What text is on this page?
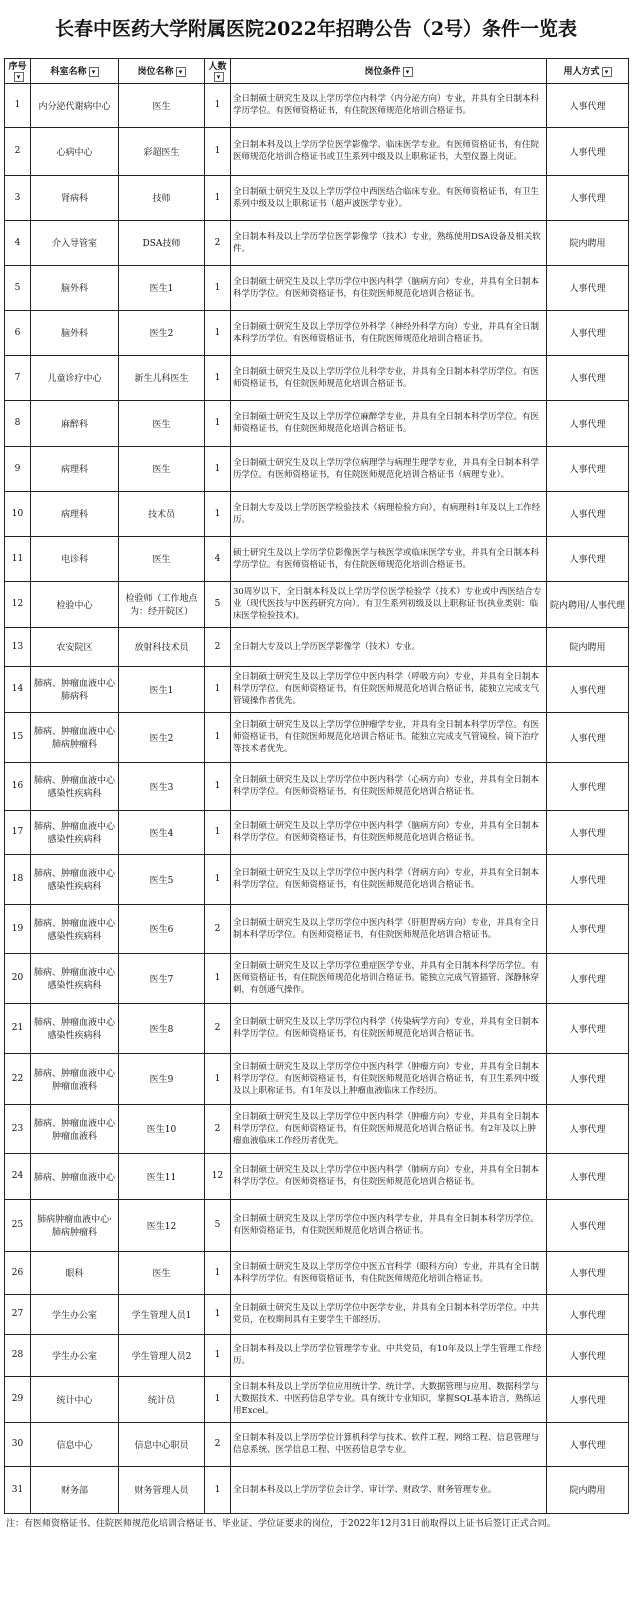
长春中医药大学附属医院2022年招聘公告（2号）条件一览表
序号▾	科室名称 ▾	岗位名称 ▾	人数▾	岗位条件 ▾	用人方式 ▾
1	内分泌代谢病中心	医生	1	全日制硕士研究生及以上学历学位内科学（内分泌方向）专业，并具有全日制本科学历学位。有医师资格证书，有住院医师规范化培训合格证书。	人事代理
2	心病中心	彩超医生	1	全日制本科及以上学历学位医学影像学、临床医学专业。有医师资格证书，有住院医师规范化培训合格证书或卫生系列中级及以上职称证书，大型仪器上岗证。	人事代理
3	肾病科	技师	1	全日制硕士研究生及以上学历学位中西医结合临床专业。有医师资格证书，有卫生系列中级及以上职称证书（超声波医学专业）。	人事代理
4	介入导管室	DSA技师	2	全日制本科及以上学历学位医学影像学（技术）专业，熟练使用DSA设备及相关软件。	院内聘用
5	脑外科	医生1	1	全日制硕士研究生及以上学历学位中医内科学（脑病方向）专业，并具有全日制本科学历学位。有医师资格证书，有住院医师规范化培训合格证书。	人事代理
6	脑外科	医生2	1	全日制硕士研究生及以上学历学位外科学（神经外科学方向）专业，并具有全日制本科学历学位。有医师资格证书，有住院医师规范化培训合格证书。	人事代理
7	儿童诊疗中心	新生儿科医生	1	全日制硕士研究生及以上学历学位儿科学专业，并具有全日制本科学历学位。有医师资格证书，有住院医师规范化培训合格证书。	人事代理
8	麻醉科	医生	1	全日制硕士研究生及以上学历学位麻醉学专业，并具有全日制本科学历学位。有医师资格证书，有住院医师规范化培训合格证书。	人事代理
9	病理科	医生	1	全日制硕士研究生及以上学历学位病理学与病理生理学专业，并具有全日制本科学历学位。有医师资格证书，有住院医师规范化培训合格证书（病理专业）。	人事代理
10	病理科	技术员	1	全日制大专及以上学历医学检验技术（病理检验方向），有病理科1年及以上工作经历。	人事代理
11	电诊科	医生	4	硕士研究生及以上学历学位影像医学与核医学或临床医学专业，并具有全日制本科学历学位。有医师资格证书，有住院医师规范化培训合格证书。	人事代理
12	检验中心	检验师（工作地点为：经开院区）	5	30周岁以下，全日制本科及以上学历学位医学检验学（技术）专业或中西医结合专业（现代医技与中医药研究方向）。有卫生系列初级及以上职称证书(执业类别：临床医学检验技术)。	院内聘用/人事代理
13	农安院区	放射科技术员	2	全日制大专及以上学历医学影像学（技术）专业。	院内聘用
14	肺病、肿瘤血液中心肺病科	医生1	1	全日制硕士研究生及以上学历学位中医内科学（呼吸方向）专业，并具有全日制本科学历学位。有医师资格证书，有住院医师规范化培训合格证书，能独立完成支气管镜操作者优先。	人事代理
15	肺病、肿瘤血液中心肺病肿瘤科	医生2	1	全日制硕士研究生及以上学历学位肿瘤学专业，并具有全日制本科学历学位。有医师资格证书，有住院医师规范化培训合格证书。能独立完成支气管镜检、镜下治疗等技术者优先。	人事代理
16	肺病、肿瘤血液中心感染性疾病科	医生3	1	全日制硕士研究生及以上学历学位中医内科学（心病方向）专业，并具有全日制本科学历学位。有医师资格证书，有住院医师规范化培训合格证书。	人事代理
17	肺病、肿瘤血液中心感染性疾病科	医生4	1	全日制硕士研究生及以上学历学位中医内科学（脑病方向）专业，并具有全日制本科学历学位。有医师资格证书，有住院医师规范化培训合格证书。	人事代理
18	肺病、肿瘤血液中心感染性疾病科	医生5	1	全日制硕士研究生及以上学历学位中医内科学（肾病方向）专业，并具有全日制本科学历学位。有医师资格证书，有住院医师规范化培训合格证书。	人事代理
19	肺病、肿瘤血液中心感染性疾病科	医生6	2	全日制硕士研究生及以上学历学位中医内科学（肝胆胃病方向）专业，并具有全日制本科学历学位。有医师资格证书，有住院医师规范化培训合格证书。	人事代理
20	肺病、肿瘤血液中心感染性疾病科	医生7	1	全日制硕士研究生及以上学历学位重症医学专业，并具有全日制本科学历学位。有医师资格证书，有住院医师规范化培训合格证书。能独立完成气管插管、深静脉穿刺，有创通气操作。	人事代理
21	肺病、肿瘤血液中心感染性疾病科	医生8	2	全日制硕士研究生及以上学历学位内科学（传染病学方向）专业，并具有全日制本科学历学位。有医师资格证书，有住院医师规范化培训合格证书。	人事代理
22	肺病、肿瘤血液中心肿瘤血液科	医生9	1	全日制硕士研究生及以上学历学位中医内科学（肿瘤方向）专业，并具有全日制本科学历学位。有医师资格证书，有住院医师规范化培训合格证书，有卫生系列中级及以上职称证书。有1年及以上肿瘤血液临床工作经历。	人事代理
23	肺病、肿瘤血液中心肿瘤血液科	医生10	2	全日制硕士研究生及以上学历学位中医内科学（肿瘤方向）专业，并具有全日制本科学历学位。有医师资格证书，有住院医师规范化培训合格证书。有2年及以上肿瘤血液临床工作经历者优先。	人事代理
24	肺病、肿瘤血液中心	医生11	12	全日制硕士研究生及以上学历学位中医内科学（肺病方向）专业，并具有全日制本科学历学位。有医师资格证书，有住院医师规范化培训合格证书。	人事代理
25	肺病肿瘤血液中心·肺病肿瘤科	医生12	5	全日制硕士研究生及以上学历学位中医内科学专业，并具有全日制本科学历学位。有医师资格证书，有住院医师规范化培训合格证书。	人事代理
26	眼科	医生	1	全日制硕士研究生及以上学历学位中医五官科学（眼科方向）专业，并具有全日制本科学历学位。有医师资格证书，有住院医师规范化培训合格证书。	人事代理
27	学生办公室	学生管理人员1	1	全日制硕士研究生及以上学历学位中医学专业，并具有全日制本科学历学位。中共党员，在校期间具有主要学生干部经历。	人事代理
28	学生办公室	学生管理人员2	1	全日制本科及以上学历学位管理学专业。中共党员，有10年及以上学生管理工作经历。	人事代理
29	统计中心	统计员	1	全日制本科及以上学历学位应用统计学、统计学、大数据管理与应用、数据科学与大数据技术、中医药信息学专业。具有统计专业知识，掌握SQL基本语言，熟练运用Excel。	人事代理
30	信息中心	信息中心职员	2	全日制本科及以上学历学位计算机科学与技术、软件工程、网络工程、信息管理与信息系统、医学信息工程、中医药信息学专业。	人事代理
31	财务部	财务管理人员	1	全日制本科及以上学历学位会计学、审计学、财政学、财务管理专业。	院内聘用
注：有医师资格证书、住院医师规范化培训合格证书、毕业证、学位证要求的岗位，于2022年12月31日前取得以上证书后签订正式合同。
